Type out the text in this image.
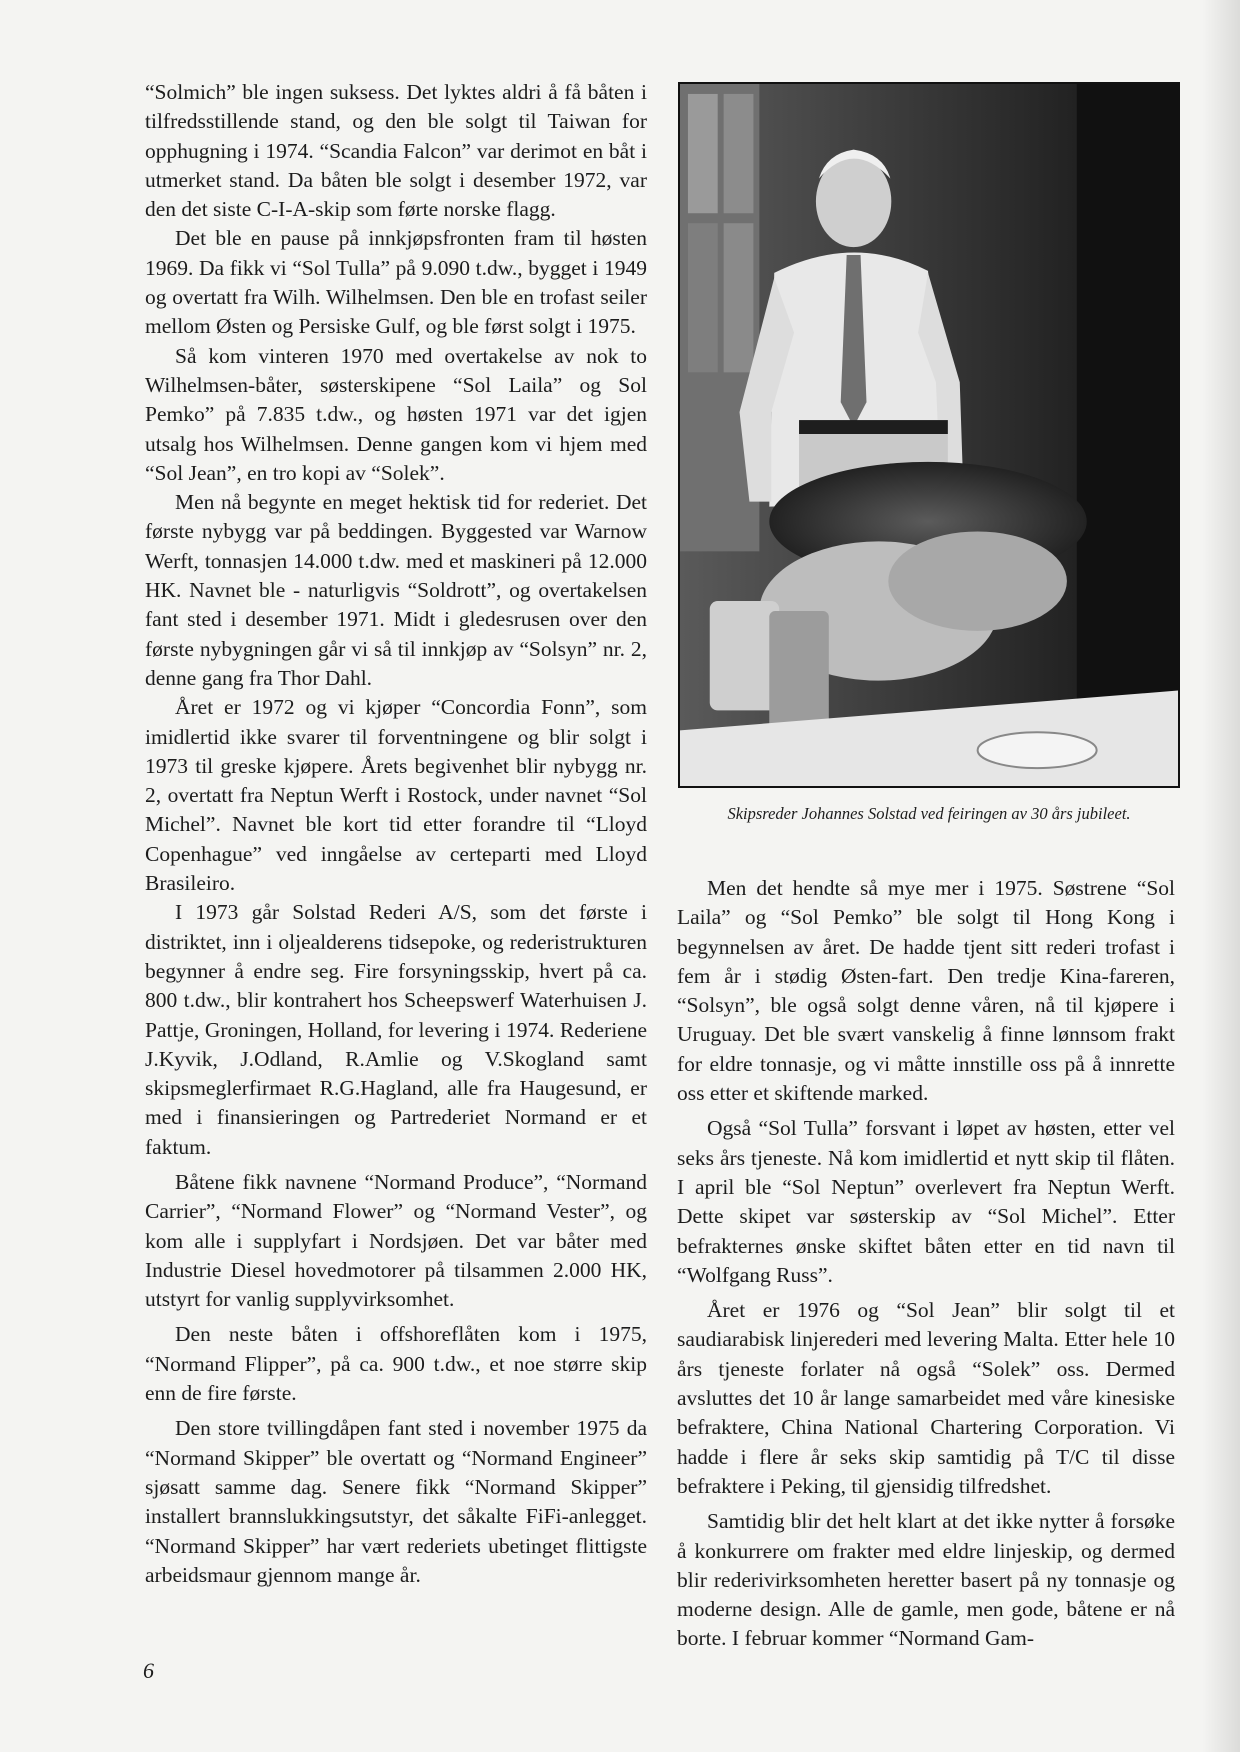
“Solmich” ble ingen suksess. Det lyktes aldri å få båten i tilfredsstillende stand, og den ble solgt til Taiwan for opphugning i 1974. “Scandia Falcon” var derimot en båt i utmerket stand. Da båten ble solgt i desember 1972, var den det siste C-I-A-skip som førte norske flagg.

Det ble en pause på innkjøpsfronten fram til høsten 1969. Da fikk vi “Sol Tulla” på 9.090 t.dw., bygget i 1949 og overtatt fra Wilh. Wilhelmsen. Den ble en trofast seiler mellom Østen og Persiske Gulf, og ble først solgt i 1975.

Så kom vinteren 1970 med overtakelse av nok to Wilhelmsen-båter, søsterskipene “Sol Laila” og Sol Pemko” på 7.835 t.dw., og høsten 1971 var det igjen utsalg hos Wilhelmsen. Denne gangen kom vi hjem med “Sol Jean”, en tro kopi av “Solek”.

Men nå begynte en meget hektisk tid for rederiet. Det første nybygg var på beddingen. Byggested var Warnow Werft, tonnasjen 14.000 t.dw. med et maskineri på 12.000 HK. Navnet ble - naturligvis “Soldrott”, og overtakelsen fant sted i desember 1971. Midt i gledesrusen over den første nybygningen går vi så til innkjøp av “Solsyn” nr. 2, denne gang fra Thor Dahl.

Året er 1972 og vi kjøper “Concordia Fonn”, som imidlertid ikke svarer til forventningene og blir solgt i 1973 til greske kjøpere. Årets begivenhet blir nybygg nr. 2, overtatt fra Neptun Werft i Rostock, under navnet “Sol Michel”. Navnet ble kort tid etter forandre til “Lloyd Copenhague” ved inngåelse av certeparti med Lloyd Brasileiro.

I 1973 går Solstad Rederi A/S, som det første i distriktet, inn i oljealderens tidsepoke, og rederistrukturen begynner å endre seg. Fire forsyningsskip, hvert på ca. 800 t.dw., blir kontrahert hos Scheepswerf Waterhuisen J. Pattje, Groningen, Holland, for levering i 1974. Rederiene J.Kyvik, J.Odland, R.Amlie og V.Skogland samt skipsmeglerfirmaet R.G.Hagland, alle fra Haugesund, er med i finansieringen og Partrederiet Normand er et faktum.

Båtene fikk navnene “Normand Produce”, “Normand Carrier”, “Normand Flower” og “Normand Vester”, og kom alle i supplyfart i Nordsjøen. Det var båter med Industrie Diesel hovedmotorer på tilsammen 2.000 HK, utstyrt for vanlig supplyvirksomhet.

Den neste båten i offshoreflåten kom i 1975, “Normand Flipper”, på ca. 900 t.dw., et noe større skip enn de fire første.

Den store tvillingdåpen fant sted i november 1975 da “Normand Skipper” ble overtatt og “Normand Engineer” sjøsatt samme dag. Senere fikk “Normand Skipper” installert brannslukkingsutstyr, det såkalte FiFi-anlegget. “Normand Skipper” har vært rederiets ubetinget flittigste arbeidsmaur gjennom mange år.

Skipsreder Johannes Solstad ved feiringen av 30 års jubileet.

Men det hendte så mye mer i 1975. Søstrene “Sol Laila” og “Sol Pemko” ble solgt til Hong Kong i begynnelsen av året. De hadde tjent sitt rederi trofast i fem år i stødig Østen-fart. Den tredje Kina-fareren, “Solsyn”, ble også solgt denne våren, nå til kjøpere i Uruguay. Det ble svært vanskelig å finne lønnsom frakt for eldre tonnasje, og vi måtte innstille oss på å innrette oss etter et skiftende marked.

Også “Sol Tulla” forsvant i løpet av høsten, etter vel seks års tjeneste. Nå kom imidlertid et nytt skip til flåten. I april ble “Sol Neptun” overlevert fra Neptun Werft. Dette skipet var søsterskip av “Sol Michel”. Etter befrakternes ønske skiftet båten etter en tid navn til “Wolfgang Russ”.

Året er 1976 og “Sol Jean” blir solgt til et saudiarabisk linjerederi med levering Malta. Etter hele 10 års tjeneste forlater nå også “Solek” oss. Dermed avsluttes det 10 år lange samarbeidet med våre kinesiske befraktere, China National Chartering Corporation. Vi hadde i flere år seks skip samtidig på T/C til disse befraktere i Peking, til gjensidig tilfredshet.

Samtidig blir det helt klart at det ikke nytter å forsøke å konkurrere om frakter med eldre linjeskip, og dermed blir rederivirksomheten heretter basert på ny tonnasje og moderne design. Alle de gamle, men gode, båtene er nå borte. I februar kommer “Normand Gam-

6
